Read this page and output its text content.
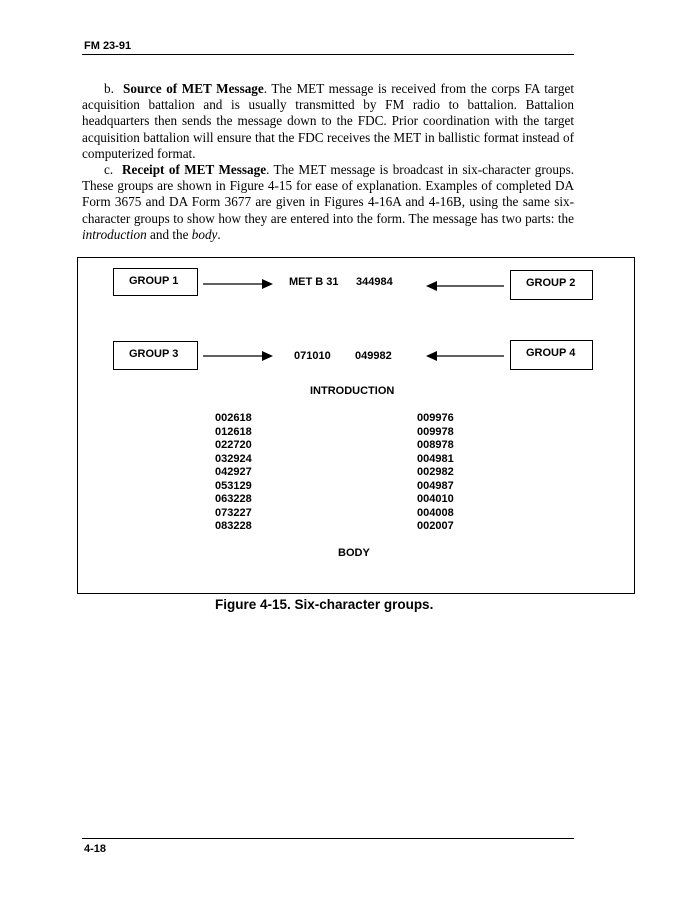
FM 23-91

b. Source of MET Message. The MET message is received from the corps FA target acquisition battalion and is usually transmitted by FM radio to battalion. Battalion headquarters then sends the message down to the FDC. Prior coordination with the target acquisition battalion will ensure that the FDC receives the MET in ballistic format instead of computerized format.

c. Receipt of MET Message. The MET message is broadcast in six-character groups. These groups are shown in Figure 4-15 for ease of explanation. Examples of completed DA Form 3675 and DA Form 3677 are given in Figures 4-16A and 4-16B, using the same six-character groups to show how they are entered into the form. The message has two parts: the introduction and the body.

GROUP 1	GROUP 2
GROUP 3	GROUP 4
MET B 31 344984
071010 049982
INTRODUCTION
002618
012618
022720
032924
042927
053129
063228
073227
083228
009976
009978
008978
004981
002982
004987
004010
004008
002007
BODY
Figure 4-15. Six-character groups.
4-18
